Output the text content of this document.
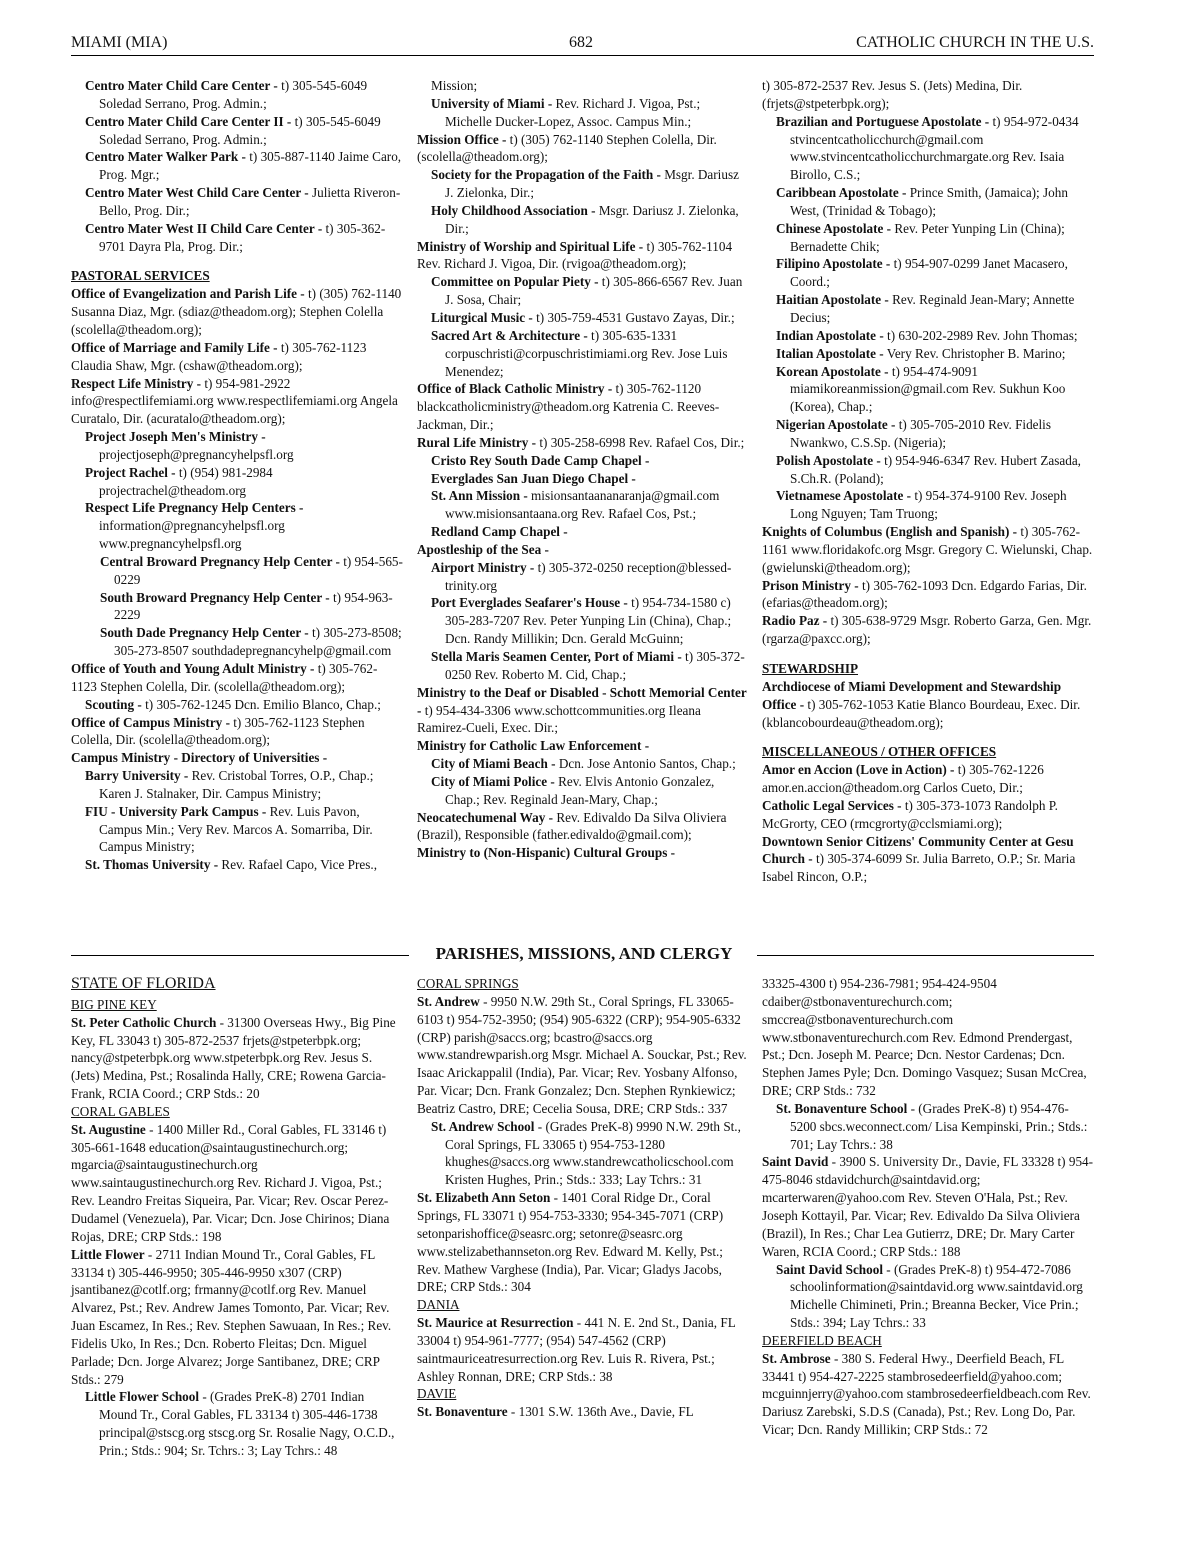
MIAMI (MIA)	682	CATHOLIC CHURCH IN THE U.S.

Centro Mater Child Care Center - t) 305-545-6049 Soledad Serrano, Prog. Admin.;

Centro Mater Child Care Center II - t) 305-545-6049 Soledad Serrano, Prog. Admin.;

Centro Mater Walker Park - t) 305-887-1140 Jaime Caro, Prog. Mgr.;

Centro Mater West Child Care Center - Julietta Riveron-Bello, Prog. Dir.;

Centro Mater West II Child Care Center - t) 305-362-9701 Dayra Pla, Prog. Dir.;

PASTORAL SERVICES

Office of Evangelization and Parish Life - t) (305) 762-1140 Susanna Diaz, Mgr. (sdiaz@theadom.org); Stephen Colella (scolella@theadom.org);

Office of Marriage and Family Life - t) 305-762-1123 Claudia Shaw, Mgr. (cshaw@theadom.org);

Respect Life Ministry - t) 954-981-2922 info@respectlifemiami.org www.respectlifemiami.org Angela Curatalo, Dir. (acuratalo@theadom.org);

Project Joseph Men's Ministry - projectjoseph@pregnancyhelpsfl.org

Project Rachel - t) (954) 981-2984 projectrachel@theadom.org

Respect Life Pregnancy Help Centers - information@pregnancyhelpsfl.org www.pregnancyhelpsfl.org

Central Broward Pregnancy Help Center - t) 954-565-0229

South Broward Pregnancy Help Center - t) 954-963-2229

South Dade Pregnancy Help Center - t) 305-273-8508; 305-273-8507 southdadepregnancyhelp@gmail.com

Office of Youth and Young Adult Ministry - t) 305-762-1123 Stephen Colella, Dir. (scolella@theadom.org);

Scouting - t) 305-762-1245 Dcn. Emilio Blanco, Chap.;

Office of Campus Ministry - t) 305-762-1123 Stephen Colella, Dir. (scolella@theadom.org);

Campus Ministry - Directory of Universities -

Barry University - Rev. Cristobal Torres, O.P., Chap.; Karen J. Stalnaker, Dir. Campus Ministry;

FIU - University Park Campus - Rev. Luis Pavon, Campus Min.; Very Rev. Marcos A. Somarriba, Dir. Campus Ministry;

St. Thomas University - Rev. Rafael Capo, Vice Pres.,

Mission;

University of Miami - Rev. Richard J. Vigoa, Pst.; Michelle Ducker-Lopez, Assoc. Campus Min.;

Mission Office - t) (305) 762-1140 Stephen Colella, Dir. (scolella@theadom.org);

Society for the Propagation of the Faith - Msgr. Dariusz J. Zielonka, Dir.;

Holy Childhood Association - Msgr. Dariusz J. Zielonka, Dir.;

Ministry of Worship and Spiritual Life - t) 305-762-1104 Rev. Richard J. Vigoa, Dir. (rvigoa@theadom.org);

Committee on Popular Piety - t) 305-866-6567 Rev. Juan J. Sosa, Chair;

Liturgical Music - t) 305-759-4531 Gustavo Zayas, Dir.;

Sacred Art & Architecture - t) 305-635-1331 corpuschristi@corpuschristimiami.org Rev. Jose Luis Menendez;

Office of Black Catholic Ministry - t) 305-762-1120 blackcatholicministry@theadom.org Katrenia C. Reeves-Jackman, Dir.;

Rural Life Ministry - t) 305-258-6998 Rev. Rafael Cos, Dir.;

Cristo Rey South Dade Camp Chapel -

Everglades San Juan Diego Chapel -

St. Ann Mission - misionsantaananaranja@gmail.com www.misionsantaana.org Rev. Rafael Cos, Pst.;

Redland Camp Chapel -

Apostleship of the Sea -

Airport Ministry - t) 305-372-0250 reception@blessed-trinity.org

Port Everglades Seafarer's House - t) 954-734-1580 c) 305-283-7207 Rev. Peter Yunping Lin (China), Chap.; Dcn. Randy Millikin; Dcn. Gerald McGuinn;

Stella Maris Seamen Center, Port of Miami - t) 305-372-0250 Rev. Roberto M. Cid, Chap.;

Ministry to the Deaf or Disabled - Schott Memorial Center - t) 954-434-3306 www.schottcommunities.org Ileana Ramirez-Cueli, Exec. Dir.;

Ministry for Catholic Law Enforcement -

City of Miami Beach - Dcn. Jose Antonio Santos, Chap.;

City of Miami Police - Rev. Elvis Antonio Gonzalez, Chap.; Rev. Reginald Jean-Mary, Chap.;

Neocatechumenal Way - Rev. Edivaldo Da Silva Oliviera (Brazil), Responsible (father.edivaldo@gmail.com);

Ministry to (Non-Hispanic) Cultural Groups -

t) 305-872-2537 Rev. Jesus S. (Jets) Medina, Dir. (frjets@stpeterbpk.org);

Brazilian and Portuguese Apostolate - t) 954-972-0434 stvincentcatholicchurch@gmail.com www.stvincentcatholicchurchmargate.org Rev. Isaia Birollo, C.S.;

Caribbean Apostolate - Prince Smith, (Jamaica); John West, (Trinidad & Tobago);

Chinese Apostolate - Rev. Peter Yunping Lin (China); Bernadette Chik;

Filipino Apostolate - t) 954-907-0299 Janet Macasero, Coord.;

Haitian Apostolate - Rev. Reginald Jean-Mary; Annette Decius;

Indian Apostolate - t) 630-202-2989 Rev. John Thomas;

Italian Apostolate - Very Rev. Christopher B. Marino;

Korean Apostolate - t) 954-474-9091 miamikoreanmission@gmail.com Rev. Sukhun Koo (Korea), Chap.;

Nigerian Apostolate - t) 305-705-2010 Rev. Fidelis Nwankwo, C.S.Sp. (Nigeria);

Polish Apostolate - t) 954-946-6347 Rev. Hubert Zasada, S.Ch.R. (Poland);

Vietnamese Apostolate - t) 954-374-9100 Rev. Joseph Long Nguyen; Tam Truong;

Knights of Columbus (English and Spanish) - t) 305-762-1161 www.floridakofc.org Msgr. Gregory C. Wielunski, Chap. (gwielunski@theadom.org);

Prison Ministry - t) 305-762-1093 Dcn. Edgardo Farias, Dir. (efarias@theadom.org);

Radio Paz - t) 305-638-9729 Msgr. Roberto Garza, Gen. Mgr. (rgarza@paxcc.org);

STEWARDSHIP

Archdiocese of Miami Development and Stewardship Office - t) 305-762-1053 Katie Blanco Bourdeau, Exec. Dir. (kblancobourdeau@theadom.org);

MISCELLANEOUS / OTHER OFFICES

Amor en Accion (Love in Action) - t) 305-762-1226 amor.en.accion@theadom.org Carlos Cueto, Dir.;

Catholic Legal Services - t) 305-373-1073 Randolph P. McGrorty, CEO (rmcgrorty@cclsmiami.org);

Downtown Senior Citizens' Community Center at Gesu Church - t) 305-374-6099 Sr. Julia Barreto, O.P.; Sr. Maria Isabel Rincon, O.P.;

PARISHES, MISSIONS, AND CLERGY

STATE OF FLORIDA

BIG PINE KEY

St. Peter Catholic Church - 31300 Overseas Hwy., Big Pine Key, FL 33043 t) 305-872-2537 frjets@stpeterbpk.org; nancy@stpeterbpk.org www.stpeterbpk.org Rev. Jesus S. (Jets) Medina, Pst.; Rosalinda Hally, CRE; Rowena Garcia-Frank, RCIA Coord.; CRP Stds.: 20

CORAL GABLES

St. Augustine - 1400 Miller Rd., Coral Gables, FL 33146 t) 305-661-1648 education@saintaugustinechurch.org; mgarcia@saintaugustinechurch.org www.saintaugustinechurch.org Rev. Richard J. Vigoa, Pst.; Rev. Leandro Freitas Siqueira, Par. Vicar; Rev. Oscar Perez-Dudamel (Venezuela), Par. Vicar; Dcn. Jose Chirinos; Diana Rojas, DRE; CRP Stds.: 198

Little Flower - 2711 Indian Mound Tr., Coral Gables, FL 33134 t) 305-446-9950; 305-446-9950 x307 (CRP) jsantibanez@cotlf.org; frmanny@cotlf.org Rev. Manuel Alvarez, Pst.; Rev. Andrew James Tomonto, Par. Vicar; Rev. Juan Escamez, In Res.; Rev. Stephen Sawuaan, In Res.; Rev. Fidelis Uko, In Res.; Dcn. Roberto Fleitas; Dcn. Miguel Parlade; Dcn. Jorge Alvarez; Jorge Santibanez, DRE; CRP Stds.: 279

Little Flower School - (Grades PreK-8) 2701 Indian Mound Tr., Coral Gables, FL 33134 t) 305-446-1738 principal@stscg.org stscg.org Sr. Rosalie Nagy, O.C.D., Prin.; Stds.: 904; Sr. Tchrs.: 3; Lay Tchrs.: 48

CORAL SPRINGS

St. Andrew - 9950 N.W. 29th St., Coral Springs, FL 33065-6103 t) 954-752-3950; (954) 905-6322 (CRP); 954-905-6332 (CRP) parish@saccs.org; bcastro@saccs.org www.standrewparish.org Msgr. Michael A. Souckar, Pst.; Rev. Isaac Arickappalil (India), Par. Vicar; Rev. Yosbany Alfonso, Par. Vicar; Dcn. Frank Gonzalez; Dcn. Stephen Rynkiewicz; Beatriz Castro, DRE; Cecelia Sousa, DRE; CRP Stds.: 337

St. Andrew School - (Grades PreK-8) 9990 N.W. 29th St., Coral Springs, FL 33065 t) 954-753-1280 khughes@saccs.org www.standrewcatholicschool.com Kristen Hughes, Prin.; Stds.: 333; Lay Tchrs.: 31

St. Elizabeth Ann Seton - 1401 Coral Ridge Dr., Coral Springs, FL 33071 t) 954-753-3330; 954-345-7071 (CRP) setonparishoffice@seasrc.org; setonre@seasrc.org www.stelizabethannseton.org Rev. Edward M. Kelly, Pst.; Rev. Mathew Varghese (India), Par. Vicar; Gladys Jacobs, DRE; CRP Stds.: 304

DANIA

St. Maurice at Resurrection - 441 N. E. 2nd St., Dania, FL 33004 t) 954-961-7777; (954) 547-4562 (CRP) saintmauriceatresurrection.org Rev. Luis R. Rivera, Pst.; Ashley Ronnan, DRE; CRP Stds.: 38

DAVIE

St. Bonaventure - 1301 S.W. 136th Ave., Davie, FL

33325-4300 t) 954-236-7981; 954-424-9504 cdaiber@stbonaventurechurch.com; smccrea@stbonaventurechurch.com www.stbonaventurechurch.com Rev. Edmond Prendergast, Pst.; Dcn. Joseph M. Pearce; Dcn. Nestor Cardenas; Dcn. Stephen James Pyle; Dcn. Domingo Vasquez; Susan McCrea, DRE; CRP Stds.: 732

St. Bonaventure School - (Grades PreK-8) t) 954-476-5200 sbcs.weconnect.com/ Lisa Kempinski, Prin.; Stds.: 701; Lay Tchrs.: 38

Saint David - 3900 S. University Dr., Davie, FL 33328 t) 954-475-8046 stdavidchurch@saintdavid.org; mcarterwaren@yahoo.com Rev. Steven O'Hala, Pst.; Rev. Joseph Kottayil, Par. Vicar; Rev. Edivaldo Da Silva Oliviera (Brazil), In Res.; Char Lea Gutierrz, DRE; Dr. Mary Carter Waren, RCIA Coord.; CRP Stds.: 188

Saint David School - (Grades PreK-8) t) 954-472-7086 schoolinformation@saintdavid.org www.saintdavid.org Michelle Chimineti, Prin.; Breanna Becker, Vice Prin.; Stds.: 394; Lay Tchrs.: 33

DEERFIELD BEACH

St. Ambrose - 380 S. Federal Hwy., Deerfield Beach, FL 33441 t) 954-427-2225 stambrosedeerfield@yahoo.com; mcguinnjerry@yahoo.com stambrosedeerfieldbeach.com Rev. Dariusz Zarebski, S.D.S (Canada), Pst.; Rev. Long Do, Par. Vicar; Dcn. Randy Millikin; CRP Stds.: 72
